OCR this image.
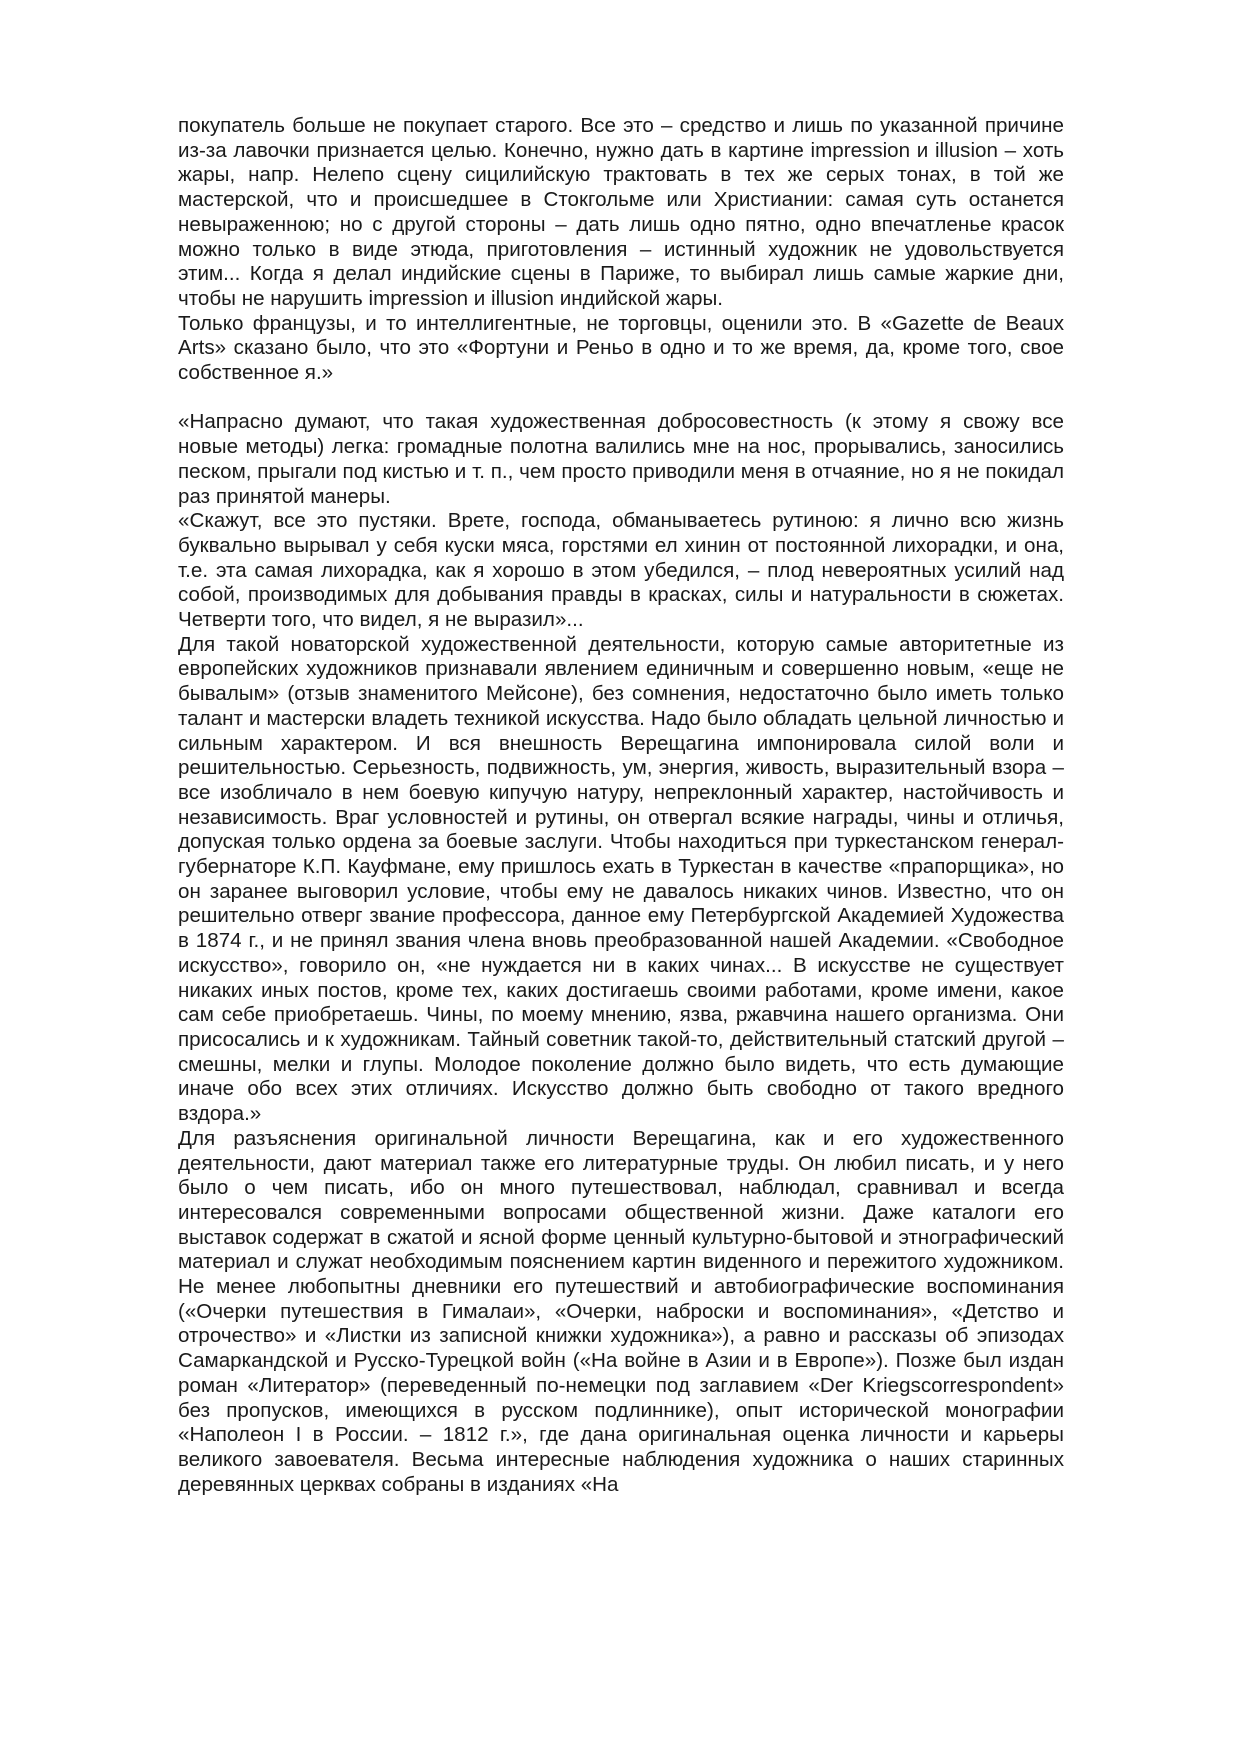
покупатель больше не покупает старого. Все это – средство и лишь по указанной причине из-за лавочки признается целью. Конечно, нужно дать в картине impression и illusion – хоть жары, напр. Нелепо сцену сицилийскую трактовать в тех же серых тонах, в той же мастерской, что и происшедшее в Стокгольме или Христиании: самая суть останется невыраженною; но с другой стороны – дать лишь одно пятно, одно впечатленье красок можно только в виде этюда, приготовления – истинный художник не удовольствуется этим... Когда я делал индийские сцены в Париже, то выбирал лишь самые жаркие дни, чтобы не нарушить impression и illusion индийской жары.

Только французы, и то интеллигентные, не торговцы, оценили это. В «Gazette de Beaux Arts» сказано было, что это «Фортуни и Реньо в одно и то же время, да, кроме того, свое собственное я.»

«Напрасно думают, что такая художественная добросовестность (к этому я свожу все новые методы) легка: громадные полотна валились мне на нос, прорывались, заносились песком, прыгали под кистью и т. п., чем просто приводили меня в отчаяние, но я не покидал раз принятой манеры.

«Скажут, все это пустяки. Врете, господа, обманываетесь рутиною: я лично всю жизнь буквально вырывал у себя куски мяса, горстями ел хинин от постоянной лихорадки, и она, т.е. эта самая лихорадка, как я хорошо в этом убедился, – плод невероятных усилий над собой, производимых для добывания правды в красках, силы и натуральности в сюжетах. Четверти того, что видел, я не выразил»...

Для такой новаторской художественной деятельности, которую самые авторитетные из европейских художников признавали явлением единичным и совершенно новым, «еще не бывалым» (отзыв знаменитого Мейсоне), без сомнения, недостаточно было иметь только талант и мастерски владеть техникой искусства. Надо было обладать цельной личностью и сильным характером. И вся внешность Верещагина импонировала силой воли и решительностью. Серьезность, подвижность, ум, энергия, живость, выразительный взора – все изобличало в нем боевую кипучую натуру, непреклонный характер, настойчивость и независимость. Враг условностей и рутины, он отвергал всякие награды, чины и отличья, допуская только ордена за боевые заслуги. Чтобы находиться при туркестанском генерал-губернаторе К.П. Кауфмане, ему пришлось ехать в Туркестан в качестве «прапорщика», но он заранее выговорил условие, чтобы ему не давалось никаких чинов. Известно, что он решительно отверг звание профессора, данное ему Петербургской Академией Художества в 1874 г., и не принял звания члена вновь преобразованной нашей Академии. «Свободное искусство», говорило он, «не нуждается ни в каких чинах... В искусстве не существует никаких иных постов, кроме тех, каких достигаешь своими работами, кроме имени, какое сам себе приобретаешь. Чины, по моему мнению, язва, ржавчина нашего организма. Они присосались и к художникам. Тайный советник такой-то, действительный статский другой – смешны, мелки и глупы. Молодое поколение должно было видеть, что есть думающие иначе обо всех этих отличиях. Искусство должно быть свободно от такого вредного вздора.»

Для разъяснения оригинальной личности Верещагина, как и его художественного деятельности, дают материал также его литературные труды. Он любил писать, и у него было о чем писать, ибо он много путешествовал, наблюдал, сравнивал и всегда интересовался современными вопросами общественной жизни. Даже каталоги его выставок содержат в сжатой и ясной форме ценный культурно-бытовой и этнографический материал и служат необходимым пояснением картин виденного и пережитого художником. Не менее любопытны дневники его путешествий и автобиографические воспоминания («Очерки путешествия в Гималаи», «Очерки, наброски и воспоминания», «Детство и отрочество» и «Листки из записной книжки художника»), а равно и рассказы об эпизодах Самаркандской и Русско-Турецкой войн («На войне в Азии и в Европе»). Позже был издан роман «Литератор» (переведенный по-немецки под заглавием «Der Kriegscorrespondent» без пропусков, имеющихся в русском подлиннике), опыт исторической монографии «Наполеон I в России. – 1812 г.», где дана оригинальная оценка личности и карьеры великого завоевателя. Весьма интересные наблюдения художника о наших старинных деревянных церквах собраны в изданиях «На
